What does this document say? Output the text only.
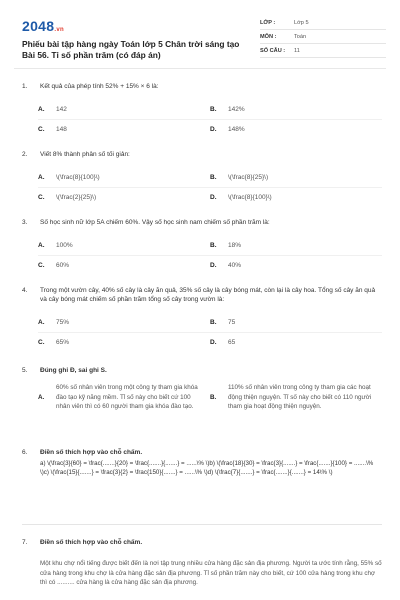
2048.vn
Phiếu bài tập hàng ngày Toán lớp 5 Chân trời sáng tạo Bài 56. Tỉ số phần trăm (có đáp án)
LỚP :	Lớp 5
MÔN :	Toán
SỐ CÂU :	11
1.	Kết quả của phép tính 52% + 15% × 6 là:
A.	142	B.	142%
C.	148	D.	148%
2.	Viết 8% thành phân số tối giản:
A.	\(\frac{8}{100}\)	B.	\(\frac{8}{25}\)
C.	\(\frac{2}{25}\)	D.	\(\frac{8}{100}\)
3.	Số học sinh nữ lớp 5A chiếm 60%. Vậy số học sinh nam chiếm số phần trăm là:
A.	100%	B.	18%
C.	60%	D.	40%
4.	Trong một vườn cây, 40% số cây là cây ăn quả, 35% số cây là cây bóng mát, còn lại là cây hoa. Tổng số cây ăn quả và cây bóng mát chiếm số phần trăm tổng số cây trong vườn là:
A.	75%	B.	75
C.	65%	D.	65
5.	Đúng ghi Đ, sai ghi S.
A.
60% số nhân viên trong một công ty tham gia khóa đào tạo kỹ năng mềm. Tỉ số này cho biết cứ 100 nhân viên thì có 60 người tham gia khóa đào tạo.
B.
110% số nhân viên trong công ty tham gia các hoạt động thiện nguyện. Tỉ số này cho biết có 110 người tham gia hoạt động thiện nguyện.
6.	Điền số thích hợp vào chỗ chấm.
a) \(\frac{3}{60} = \frac{.......}{20} = \frac{.......}{.......} = ......\% \)b) \(\frac{18}{30} = \frac{3}{.......} = \frac{.......}{100} = .......\% \)c) \(\frac{15}{.......} = \frac{3}{2} = \frac{150}{.......} = ......\% \)d) \(\frac{7}{.......} = \frac{.......}{.......} = 14\% \)
7.	Điền số thích hợp vào chỗ chấm.
Một khu chợ nổi tiếng được biết đến là nơi tập trung nhiều cửa hàng đặc sản địa phương. Người ta ước tính rằng, 55% số cửa hàng trong khu chợ là cửa hàng đặc sản địa phương. Tỉ số phần trăm này cho biết, cứ 100 cửa hàng trong khu chợ thì có .......... cửa hàng là cửa hàng đặc sản địa phương.
